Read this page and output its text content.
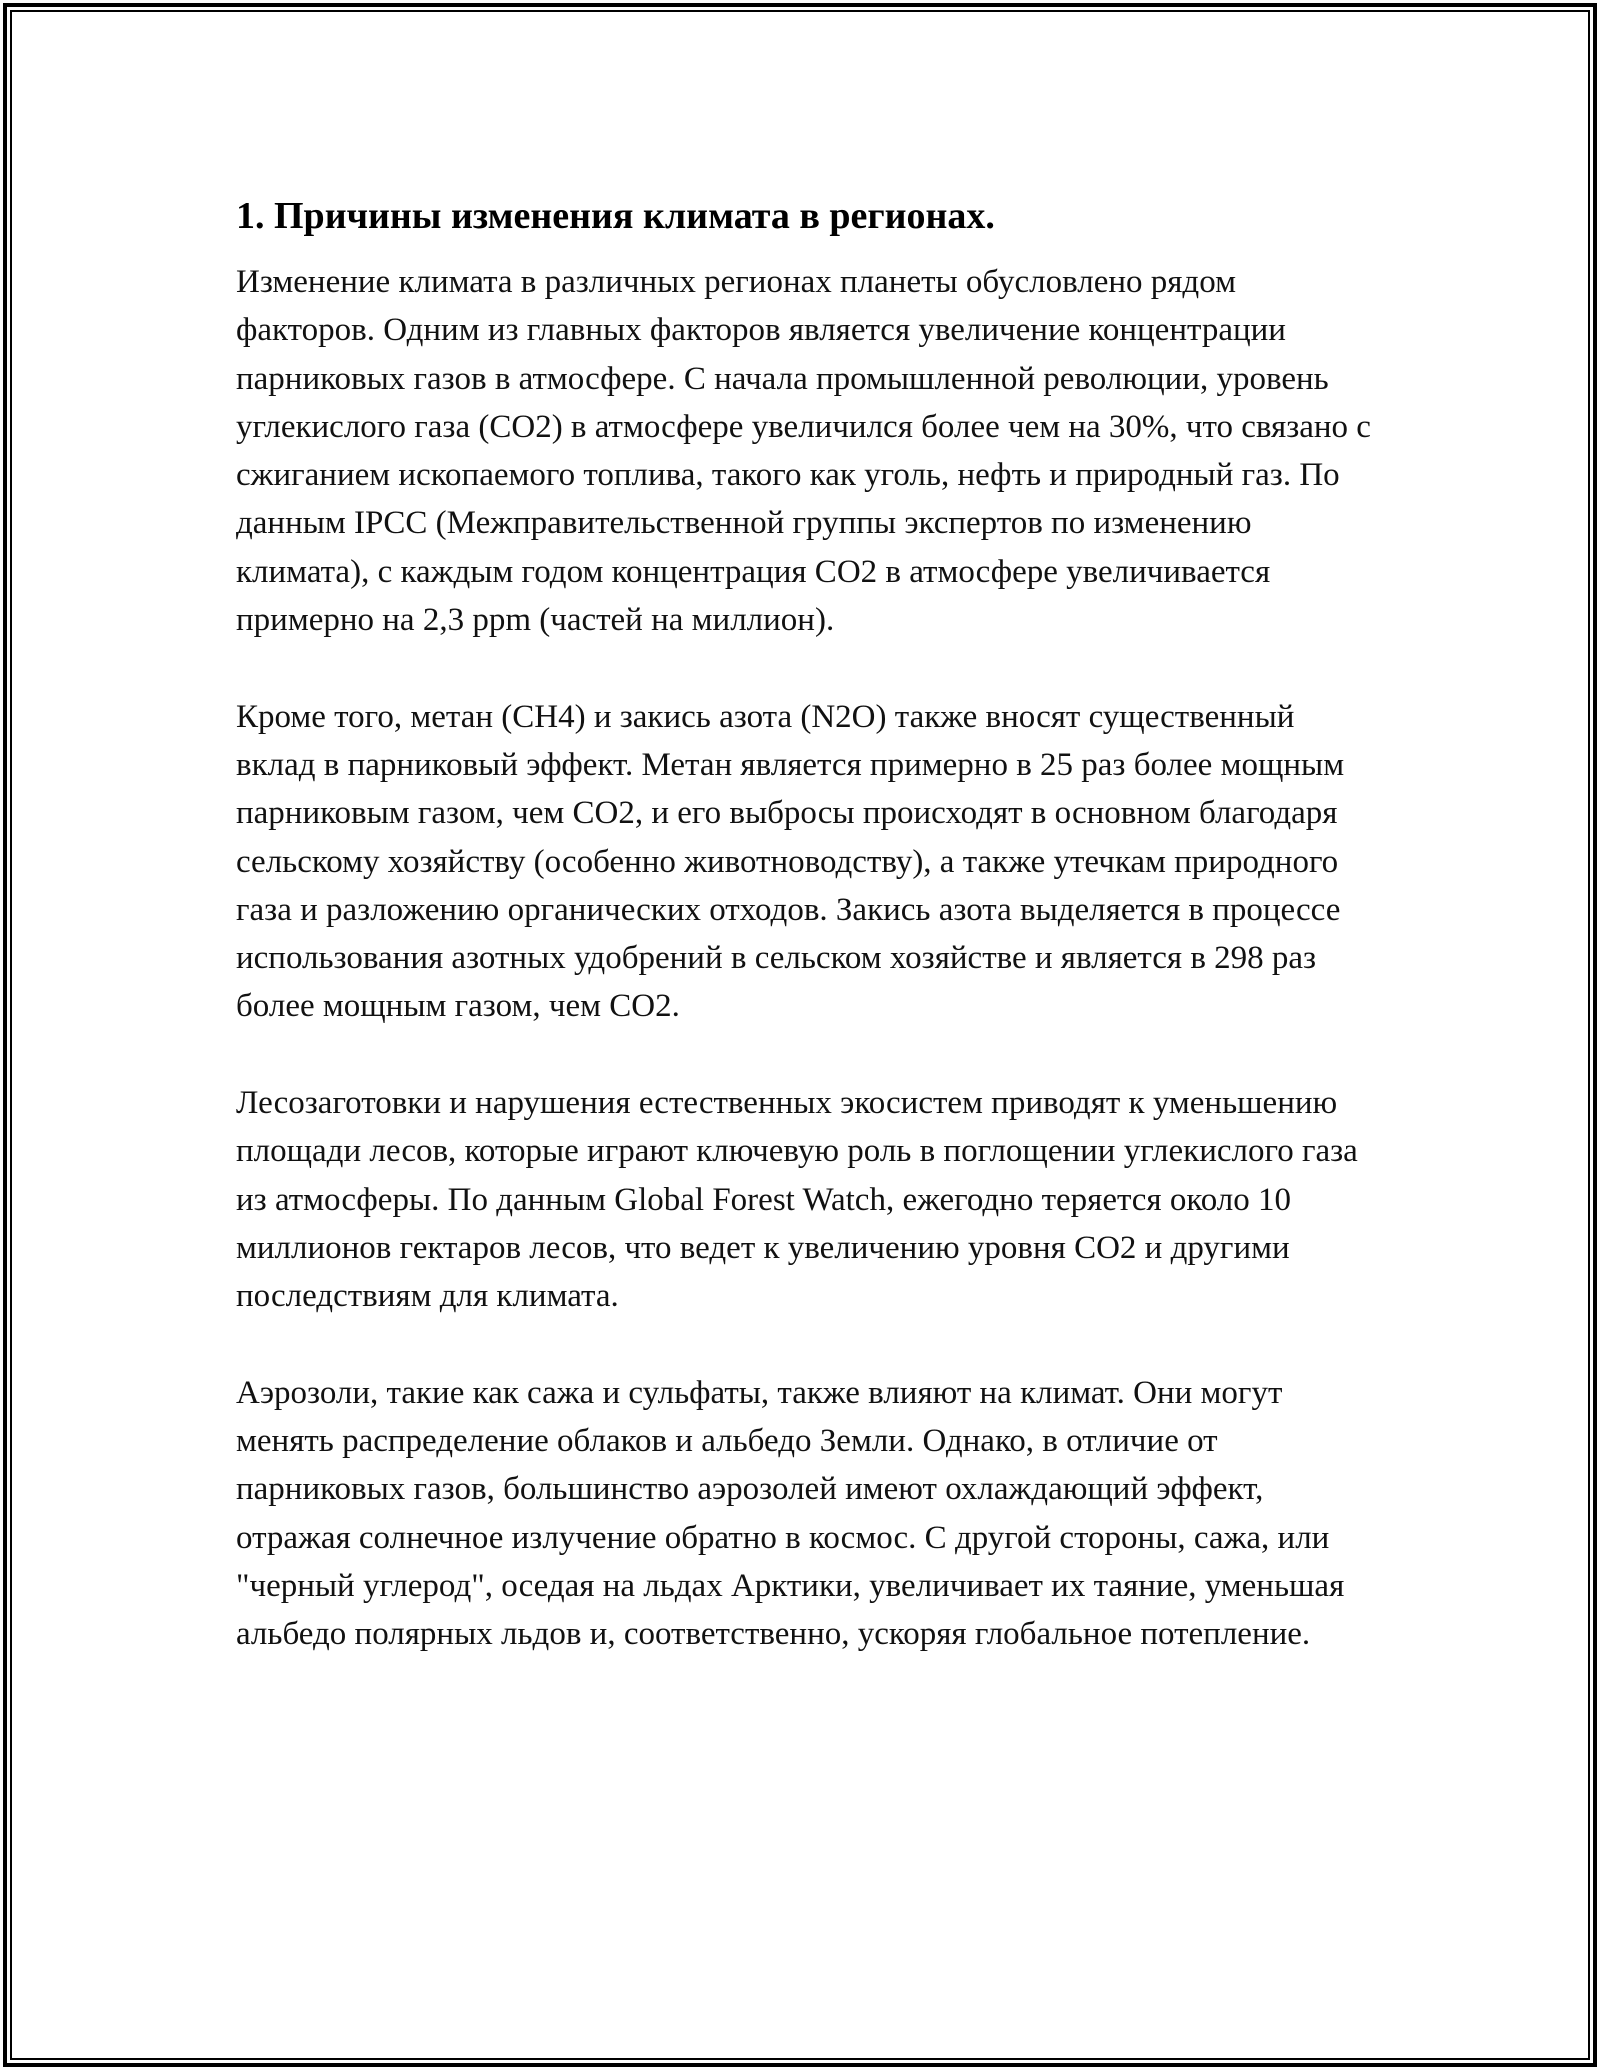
1. Причины изменения климата в регионах.

Изменение климата в различных регионах планеты обусловлено рядом факторов. Одним из главных факторов является увеличение концентрации парниковых газов в атмосфере. С начала промышленной революции, уровень углекислого газа (CO2) в атмосфере увеличился более чем на 30%, что связано с сжиганием ископаемого топлива, такого как уголь, нефть и природный газ. По данным IPCC (Межправительственной группы экспертов по изменению климата), с каждым годом концентрация CO2 в атмосфере увеличивается примерно на 2,3 ppm (частей на миллион).

Кроме того, метан (CH4) и закись азота (N2O) также вносят существенный вклад в парниковый эффект. Метан является примерно в 25 раз более мощным парниковым газом, чем CO2, и его выбросы происходят в основном благодаря сельскому хозяйству (особенно животноводству), а также утечкам природного газа и разложению органических отходов. Закись азота выделяется в процессе использования азотных удобрений в сельском хозяйстве и является в 298 раз более мощным газом, чем CO2.

Лесозаготовки и нарушения естественных экосистем приводят к уменьшению площади лесов, которые играют ключевую роль в поглощении углекислого газа из атмосферы. По данным Global Forest Watch, ежегодно теряется около 10 миллионов гектаров лесов, что ведет к увеличению уровня CO2 и другими последствиям для климата.

Аэрозоли, такие как сажа и сульфаты, также влияют на климат. Они могут менять распределение облаков и альбедо Земли. Однако, в отличие от парниковых газов, большинство аэрозолей имеют охлаждающий эффект, отражая солнечное излучение обратно в космос. С другой стороны, сажа, или "черный углерод", оседая на льдах Арктики, увеличивает их таяние, уменьшая альбедо полярных льдов и, соответственно, ускоряя глобальное потепление.
